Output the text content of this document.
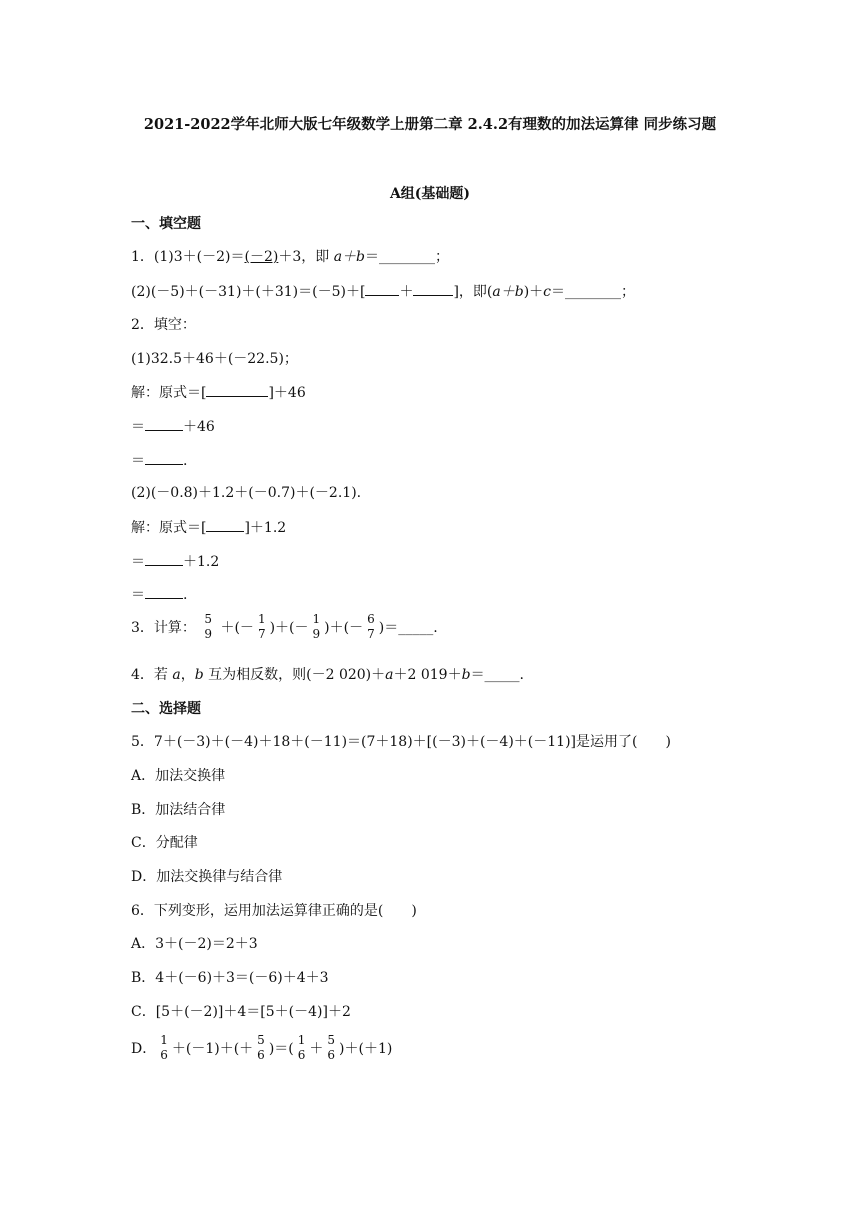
2021-2022学年北师大版七年级数学上册第二章 2.4.2有理数的加法运算律 同步练习题
A组(基础题)
一、填空题
1．(1)3＋(－2)＝(－2)＋3，即 a＋b＝________；
(2)(－5)＋(－31)＋(＋31)＝(－5)＋[ ＋	]，即(a＋b)＋c＝________；
2．填空：
(1)32.5＋46＋(－22.5)；
解：原式＝[	]＋46
＝	＋46
＝	.
(2)(－0.8)＋1.2＋(－0.7)＋(－2.1).
解：原式＝[	]＋1.2
＝	＋1.2
＝	.
3．计算：
5
9 ＋(－
1
7 )＋(－
1
9 )＋(－
6
7 )＝_____.
4．若 a，b 互为相反数，则(－2 020)＋a＋2 019＋b＝_____.
二、选择题
5．7＋(－3)＋(－4)＋18＋(－11)＝(7＋18)＋[(－3)＋(－4)＋(－11)]是运用了(　　)
A．加法交换律
B．加法结合律
C．分配律
D．加法交换律与结合律
6．下列变形，运用加法运算律正确的是(　　)
A．3＋(－2)＝2＋3
B．4＋(－6)＋3＝(－6)＋4＋3
C．[5＋(－2)]＋4＝[5＋(－4)]＋2
D．
1
6 ＋(－1)＋(＋
5
6 )＝(
1
6 ＋
5
6 )＋(＋1)
